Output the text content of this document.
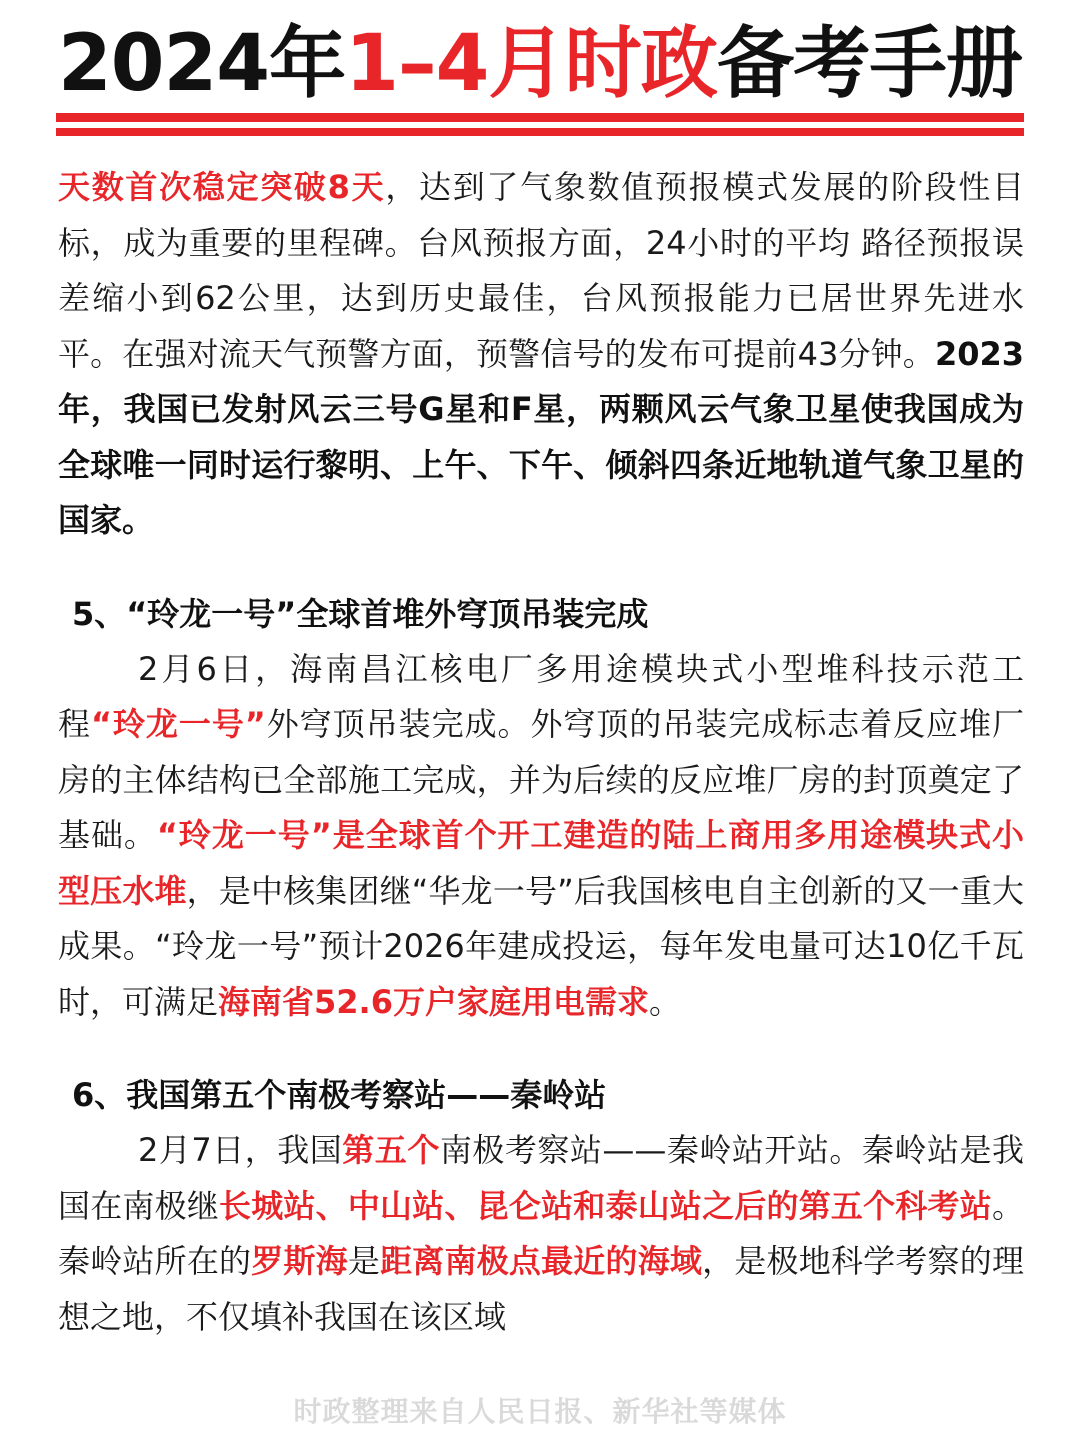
2024年1–4月时政备考手册

天数首次稳定突破8天，达到了气象数值预报模式发展的阶段性目标，成为重要的里程碑。台风预报方面，24小时的平均 路径预报误差缩小到62公里，达到历史最佳，台风预报能力已居世界先进水平。在强对流天气预警方面，预警信号的发布可提前43分钟。2023年，我国已发射风云三号G星和F星，两颗风云气象卫星使我国成为全球唯一同时运行黎明、上午、下午、倾斜四条近地轨道气象卫星的国家。

5、“玲龙一号”全球首堆外穹顶吊装完成

2月6日，海南昌江核电厂多用途模块式小型堆科技示范工程“玲龙一号”外穹顶吊装完成。外穹顶的吊装完成标志着反应堆厂房的主体结构已全部施工完成，并为后续的反应堆厂房的封顶奠定了基础。“玲龙一号”是全球首个开工建造的陆上商用多用途模块式小型压水堆，是中核集团继“华龙一号”后我国核电自主创新的又一重大成果。“玲龙一号”预计2026年建成投运，每年发电量可达10亿千瓦时，可满足海南省52.6万户家庭用电需求。

6、我国第五个南极考察站——秦岭站

2月7日，我国第五个南极考察站——秦岭站开站。秦岭站是我国在南极继长城站、中山站、昆仑站和泰山站之后的第五个科考站。秦岭站所在的罗斯海是距离南极点最近的海域，是极地科学考察的理想之地，不仅填补我国在该区域

时政整理来自人民日报、新华社等媒体
